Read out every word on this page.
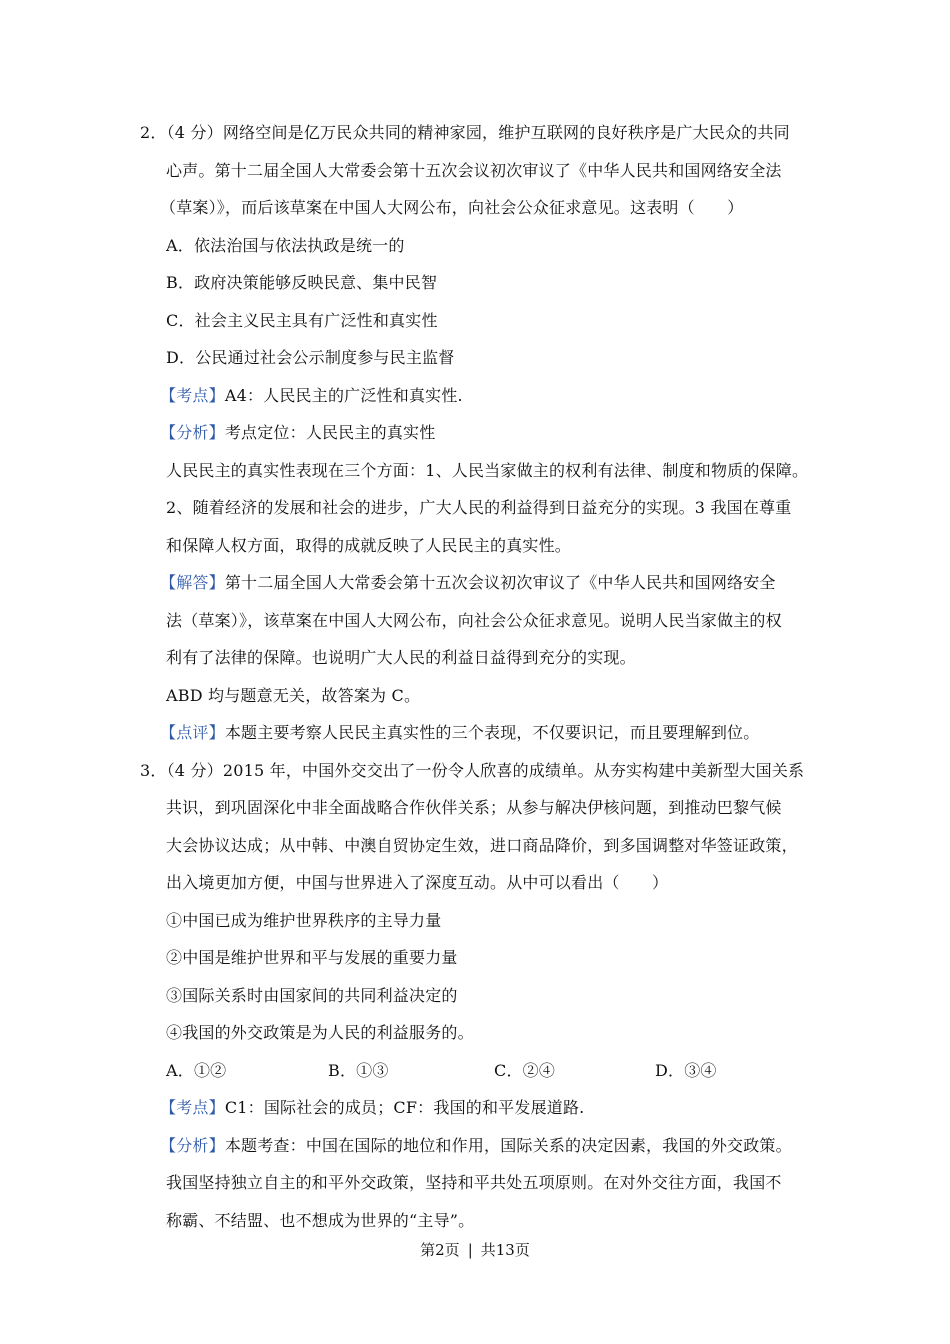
2．（4 分）网络空间是亿万民众共同的精神家园，维护互联网的良好秩序是广大民众的共同
心声。第十二届全国人大常委会第十五次会议初次审议了《中华人民共和国网络安全法
（草案）》，而后该草案在中国人大网公布，向社会公众征求意见。这表明（　　）
A．依法治国与依法执政是统一的
B．政府决策能够反映民意、集中民智
C．社会主义民主具有广泛性和真实性
D．公民通过社会公示制度参与民主监督
【考点】A4：人民民主的广泛性和真实性.
【分析】考点定位：人民民主的真实性
人民民主的真实性表现在三个方面：1、人民当家做主的权利有法律、制度和物质的保障。
2、随着经济的发展和社会的进步，广大人民的利益得到日益充分的实现。3 我国在尊重
和保障人权方面，取得的成就反映了人民民主的真实性。
【解答】第十二届全国人大常委会第十五次会议初次审议了《中华人民共和国网络安全
法（草案）》，该草案在中国人大网公布，向社会公众征求意见。说明人民当家做主的权
利有了法律的保障。也说明广大人民的利益日益得到充分的实现。
ABD 均与题意无关，故答案为 C。
【点评】本题主要考察人民民主真实性的三个表现，不仅要识记，而且要理解到位。
3．（4 分）2015 年，中国外交交出了一份令人欣喜的成绩单。从夯实构建中美新型大国关系
共识，到巩固深化中非全面战略合作伙伴关系；从参与解决伊核问题，到推动巴黎气候
大会协议达成；从中韩、中澳自贸协定生效，进口商品降价，到多国调整对华签证政策，
出入境更加方便，中国与世界进入了深度互动。从中可以看出（　　）
①中国已成为维护世界秩序的主导力量
②中国是维护世界和平与发展的重要力量
③国际关系时由国家间的共同利益决定的
④我国的外交政策是为人民的利益服务的。
A．①②	B．①③	C．②④	D．③④
【考点】C1：国际社会的成员；CF：我国的和平发展道路.
【分析】本题考查：中国在国际的地位和作用，国际关系的决定因素，我国的外交政策。
我国坚持独立自主的和平外交政策，坚持和平共处五项原则。在对外交往方面，我国不
称霸、不结盟、也不想成为世界的“主导”。
第2页 | 共13页
